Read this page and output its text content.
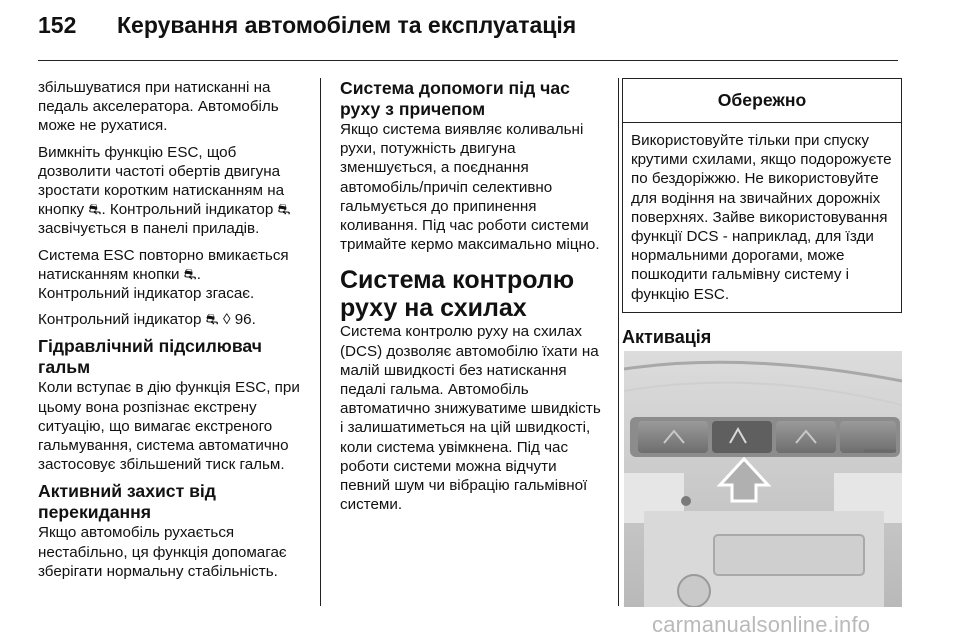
152 Керування автомобілем та експлуатація

збільшуватися при натисканні на педаль акселератора. Автомобіль може не рухатися.

Вимкніть функцію ESC, щоб дозволити частоті обертів двигуна зростати коротким натисканням на кнопку ⛐. Контрольний індикатор ⛐ засвічується в панелі приладів.

Система ESC повторно вмикається натисканням кнопки ⛐.

Контрольний індикатор згасає.

Контрольний індикатор ⛐ ◊ 96.

Гідравлічний підсилювач гальм

Коли вступає в дію функція ESC, при цьому вона розпізнає екстрену ситуацію, що вимагає екстреного гальмування, система автоматично застосовує збільшений тиск гальм.

Активний захист від перекидання

Якщо автомобіль рухається нестабільно, ця функція допомагає зберігати нормальну стабільність.

Система допомоги під час руху з причепом

Якщо система виявляє коливальні рухи, потужність двигуна зменшується, а поєднання автомобіль/причіп селективно гальмується до припинення коливання. Під час роботи системи тримайте кермо максимально міцно.

Система контролю руху на схилах

Система контролю руху на схилах (DCS) дозволяє автомобілю їхати на малій швидкості без натискання педалі гальма. Автомобіль автоматично знижуватиме швидкість і залишатиметься на цій швидкості, коли система увімкнена. Під час роботи системи можна відчути певний шум чи вібрацію гальмівної системи.

Обережно

Використовуйте тільки при спуску крутими схилами, якщо подорожуєте по бездоріжжю. Не використовуйте для водіння на звичайних дорожніх поверхнях. Зайве використовування функції DCS - наприклад, для їзди нормальними дорогами, може пошкодити гальмівну систему і функцію ESC.

Активація
carmanualsonline.info
